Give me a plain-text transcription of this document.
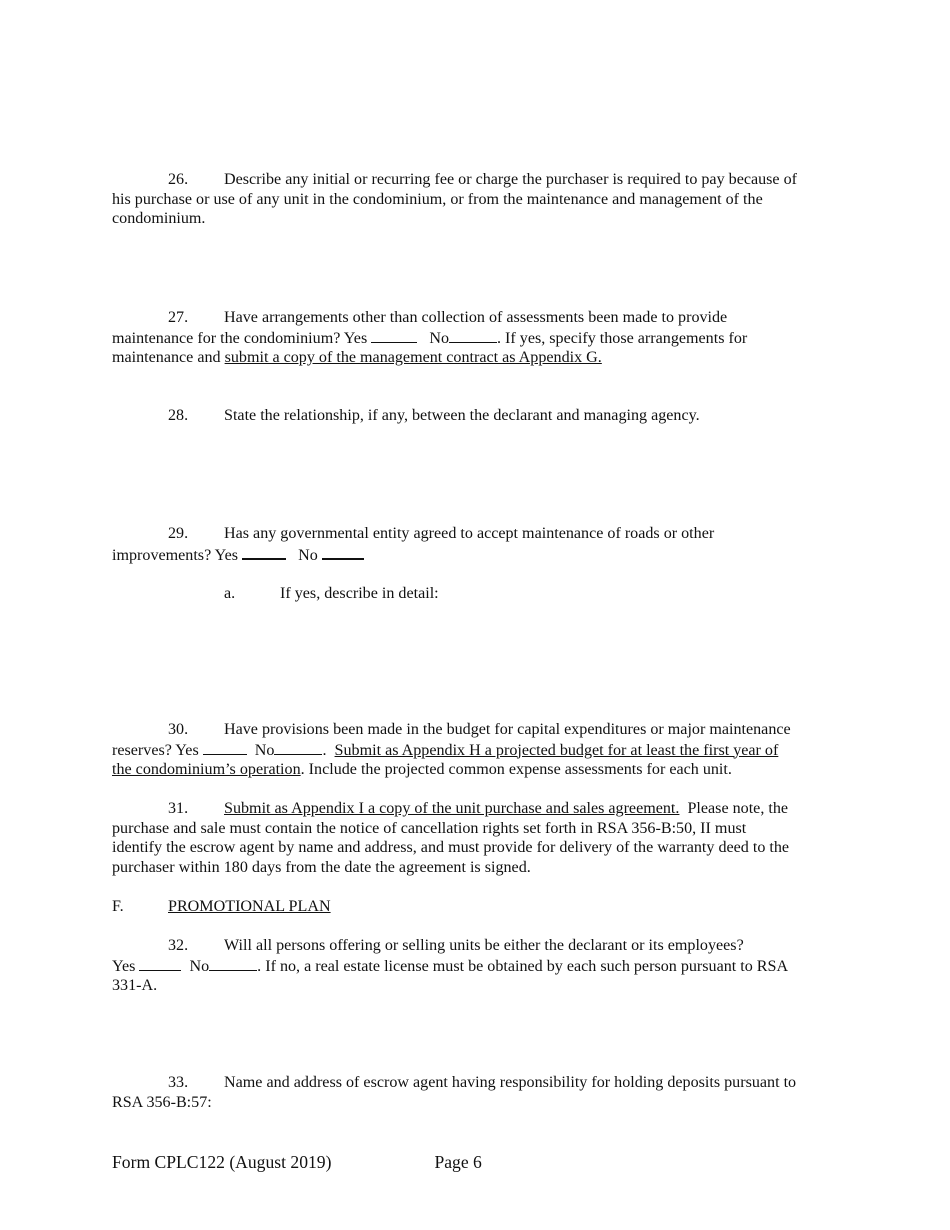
26. Describe any initial or recurring fee or charge the purchaser is required to pay because of
his purchase or use of any unit in the condominium, or from the maintenance and management of the
condominium.
27. Have arrangements other than collection of assessments been made to provide
maintenance for the condominium? Yes	No	. If yes, specify those arrangements for
maintenance and submit a copy of the management contract as Appendix G.
28. State the relationship, if any, between the declarant and managing agency.
29. Has any governmental entity agreed to accept maintenance of roads or other
improvements? Yes	No
a.	If yes, describe in detail:
30. Have provisions been made in the budget for capital expenditures or major maintenance
reserves? Yes	No	. Submit as Appendix H a projected budget for at least the first year of
the condominium’s operation. Include the projected common expense assessments for each unit.
31. Submit as Appendix I a copy of the unit purchase and sales agreement. Please note, the
purchase and sale must contain the notice of cancellation rights set forth in RSA 356-B:50, II must
identify the escrow agent by name and address, and must provide for delivery of the warranty deed to the
purchaser within 180 days from the date the agreement is signed.
F.	PROMOTIONAL PLAN
32. Will all persons offering or selling units be either the declarant or its employees?
Yes	No	. If no, a real estate license must be obtained by each such person pursuant to RSA
331-A.
33. Name and address of escrow agent having responsibility for holding deposits pursuant to
RSA 356-B:57:
Form CPLC122 (August 2019)	Page 6
